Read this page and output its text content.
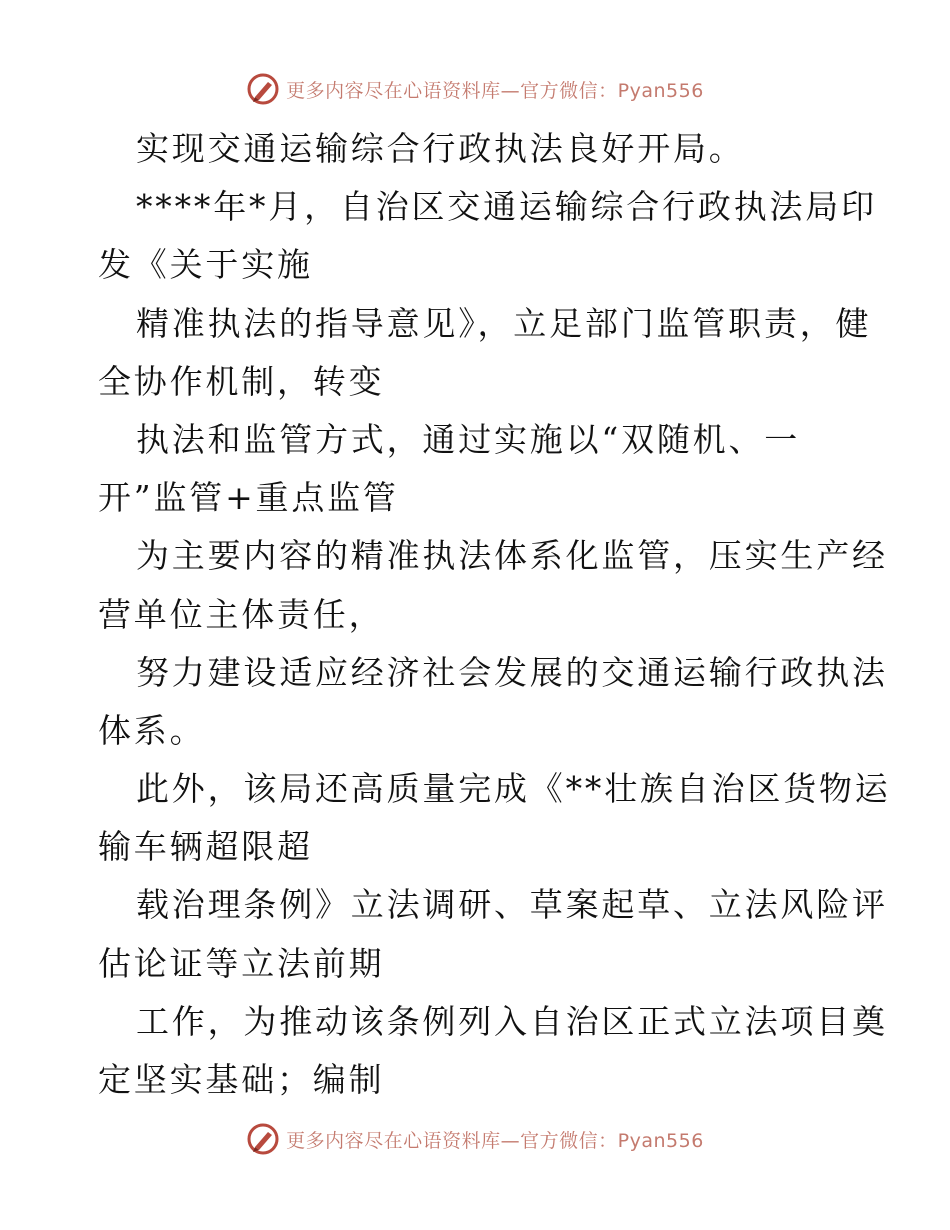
更多内容尽在心语资料库—官方微信：Pyan556
实现交通运输综合行政执法良好开局。
****年*月，自治区交通运输综合行政执法局印
发《关于实施
精准执法的指导意见》，立足部门监管职责，健
全协作机制，转变
执法和监管方式，通过实施以“双随机、一
开”监管+重点监管
为主要内容的精准执法体系化监管，压实生产经
营单位主体责任，
努力建设适应经济社会发展的交通运输行政执法
体系。
此外，该局还高质量完成《**壮族自治区货物运
输车辆超限超
载治理条例》立法调研、草案起草、立法风险评
估论证等立法前期
工作，为推动该条例列入自治区正式立法项目奠
定坚实基础；编制
更多内容尽在心语资料库—官方微信：Pyan556
